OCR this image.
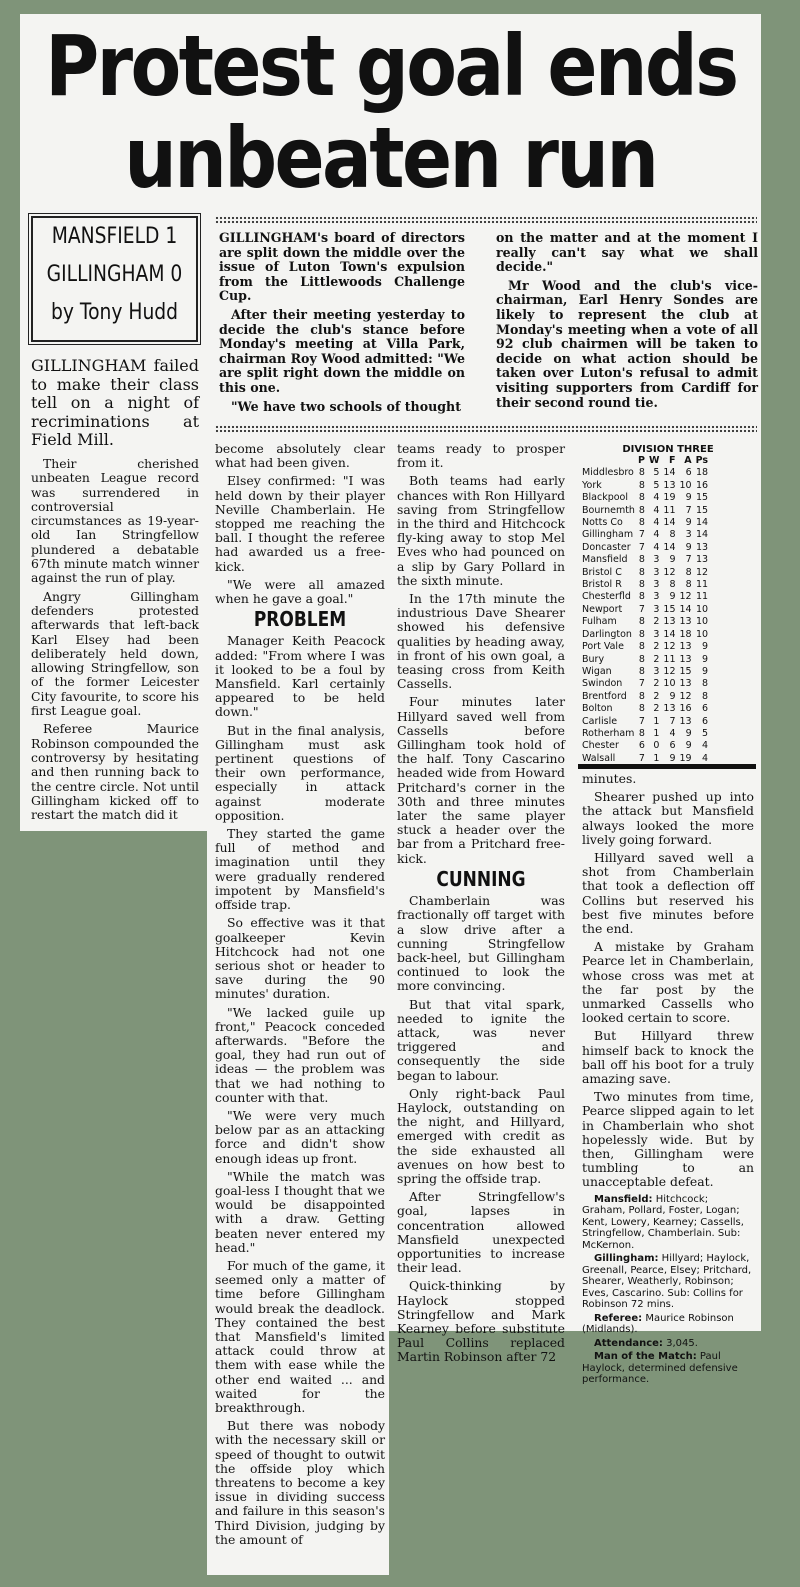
Protest goal ends
unbeaten run
MANSFIELD 1
GILLINGHAM 0
by Tony Hudd

GILLINGHAM's board of directors are split down the middle over the issue of Luton Town's expulsion from the Littlewoods Challenge Cup.

After their meeting yesterday to decide the club's stance before Monday's meeting at Villa Park, chairman Roy Wood admitted: "We are split right down the middle on this one.

"We have two schools of thought

on the matter and at the moment I really can't say what we shall decide."

Mr Wood and the club's vice-chairman, Earl Henry Sondes are likely to represent the club at Monday's meeting when a vote of all 92 club chairmen will be taken to decide on what action should be taken over Luton's refusal to admit visiting supporters from Cardiff for their second round tie.

GILLINGHAM failed to make their class tell on a night of recriminations at Field Mill.

Their cherished unbeaten League record was surrendered in controversial circumstances as 19-year-old Ian Stringfellow plundered a debatable 67th minute match winner against the run of play.

Angry Gillingham defenders protested afterwards that left-back Karl Elsey had been deliberately held down, allowing Stringfellow, son of the former Leicester City favourite, to score his first League goal.

Referee Maurice Robinson compounded the controversy by hesitating and then running back to the centre circle. Not until Gillingham kicked off to restart the match did it

become absolutely clear what had been given.

Elsey confirmed: "I was held down by their player Neville Chamberlain. He stopped me reaching the ball. I thought the referee had awarded us a free-kick.

"We were all amazed when he gave a goal."

PROBLEM

Manager Keith Peacock added: "From where I was it looked to be a foul by Mansfield. Karl certainly appeared to be held down."

But in the final analysis, Gillingham must ask pertinent questions of their own performance, especially in attack against moderate opposition.

They started the game full of method and imagination until they were gradually rendered impotent by Mansfield's offside trap.

So effective was it that goalkeeper Kevin Hitchcock had not one serious shot or header to save during the 90 minutes' duration.

"We lacked guile up front," Peacock conceded afterwards. "Before the goal, they had run out of ideas — the problem was that we had nothing to counter with that.

"We were very much below par as an attacking force and didn't show enough ideas up front.

"While the match was goal-less I thought that we would be disappointed with a draw. Getting beaten never entered my head."

For much of the game, it seemed only a matter of time before Gillingham would break the deadlock. They contained the best that Mansfield's limited attack could throw at them with ease while the other end waited ... and waited for the breakthrough.

But there was nobody with the necessary skill or speed of thought to outwit the offside ploy which threatens to become a key issue in dividing success and failure in this season's Third Division, judging by the amount of

teams ready to prosper from it.

Both teams had early chances with Ron Hillyard saving from Stringfellow in the third and Hitchcock fly-king away to stop Mel Eves who had pounced on a slip by Gary Pollard in the sixth minute.

In the 17th minute the industrious Dave Shearer showed his defensive qualities by heading away, in front of his own goal, a teasing cross from Keith Cassells.

Four minutes later Hillyard saved well from Cassells before Gillingham took hold of the half. Tony Cascarino headed wide from Howard Pritchard's corner in the 30th and three minutes later the same player stuck a header over the bar from a Pritchard free-kick.

CUNNING

Chamberlain was fractionally off target with a slow drive after a cunning Stringfellow back-heel, but Gillingham continued to look the more convincing.

But that vital spark, needed to ignite the attack, was never triggered and consequently the side began to labour.

Only right-back Paul Haylock, outstanding on the night, and Hillyard, emerged with credit as the side exhausted all avenues on how best to spring the offside trap.

After Stringfellow's goal, lapses in concentration allowed Mansfield unexpected opportunities to increase their lead.

Quick-thinking by Haylock stopped Stringfellow and Mark Kearney before substitute Paul Collins replaced Martin Robinson after 72

DIVISION THREE
	P	W	F	A	Ps
Middlesbro	8	5	14	6	18
York	8	5	13	10	16
Blackpool	8	4	19	9	15
Bournemth	8	4	11	7	15
Notts Co	8	4	14	9	14
Gillingham	7	4	8	3	14
Doncaster	7	4	14	9	13
Mansfield	8	3	9	7	13
Bristol C	8	3	12	8	12
Bristol R	8	3	8	8	11
Chesterfld	8	3	9	12	11
Newport	7	3	15	14	10
Fulham	8	2	13	13	10
Darlington	8	3	14	18	10
Port Vale	8	2	12	13	9
Bury	8	2	11	13	9
Wigan	8	3	12	15	9
Swindon	7	2	10	13	8
Brentford	8	2	9	12	8
Bolton	8	2	13	16	6
Carlisle	7	1	7	13	6
Rotherham	8	1	4	9	5
Chester	6	0	6	9	4
Walsall	7	1	9	19	4

minutes.

Shearer pushed up into the attack but Mansfield always looked the more lively going forward.

Hillyard saved well a shot from Chamberlain that took a deflection off Collins but reserved his best five minutes before the end.

A mistake by Graham Pearce let in Chamberlain, whose cross was met at the far post by the unmarked Cassells who looked certain to score.

But Hillyard threw himself back to knock the ball off his boot for a truly amazing save.

Two minutes from time, Pearce slipped again to let in Chamberlain who shot hopelessly wide. But by then, Gillingham were tumbling to an unacceptable defeat.

Mansfield: Hitchcock; Graham, Pollard, Foster, Logan; Kent, Lowery, Kearney; Cassells, Stringfellow, Chamberlain. Sub: McKernon.

Gillingham: Hillyard; Haylock, Greenall, Pearce, Elsey; Pritchard, Shearer, Weatherly, Robinson; Eves, Cascarino. Sub: Collins for Robinson 72 mins.

Referee: Maurice Robinson (Midlands).

Attendance: 3,045.

Man of the Match: Paul Haylock, determined defensive performance.
